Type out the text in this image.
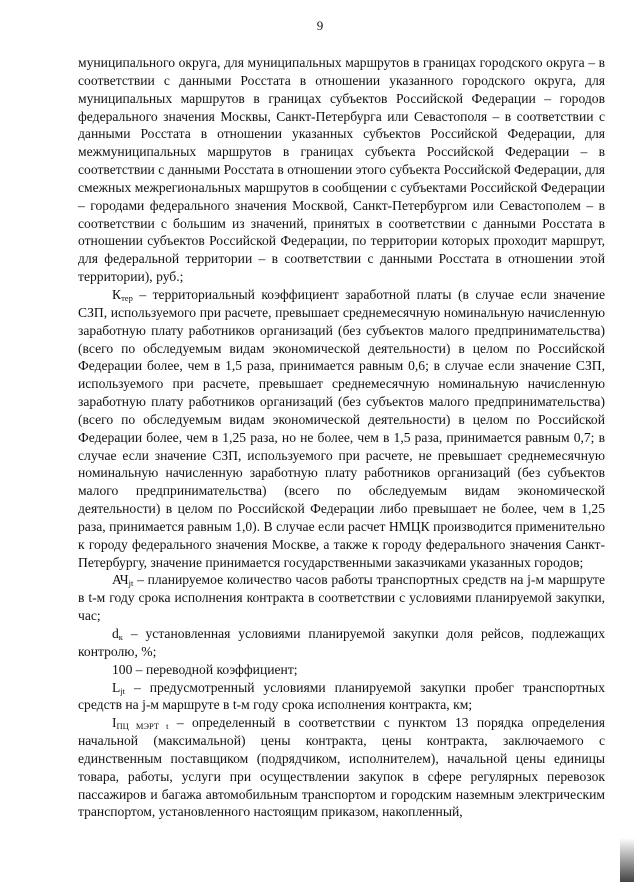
9

муниципального округа, для муниципальных маршрутов в границах городского округа – в соответствии с данными Росстата в отношении указанного городского округа, для муниципальных маршрутов в границах субъектов Российской Федерации – городов федерального значения Москвы, Санкт-Петербурга или Севастополя – в соответствии с данными Росстата в отношении указанных субъектов Российской Федерации, для межмуниципальных маршрутов в границах субъекта Российской Федерации – в соответствии с данными Росстата в отношении этого субъекта Российской Федерации, для смежных межрегиональных маршрутов в сообщении с субъектами Российской Федерации – городами федерального значения Москвой, Санкт-Петербургом или Севастополем – в соответствии с большим из значений, принятых в соответствии с данными Росстата в отношении субъектов Российской Федерации, по территории которых проходит маршрут, для федеральной территории – в соответствии с данными Росстата в отношении этой территории), руб.;

$К_{тер}$ – территориальный коэффициент заработной платы (в случае если значение СЗП, используемого при расчете, превышает среднемесячную номинальную начисленную заработную плату работников организаций (без субъектов малого предпринимательства) (всего по обследуемым видам экономической деятельности) в целом по Российской Федерации более, чем в 1,5 раза, принимается равным 0,6; в случае если значение СЗП, используемого при расчете, превышает среднемесячную номинальную начисленную заработную плату работников организаций (без субъектов малого предпринимательства) (всего по обследуемым видам экономической деятельности) в целом по Российской Федерации более, чем в 1,25 раза, но не более, чем в 1,5 раза, принимается равным 0,7; в случае если значение СЗП, используемого при расчете, не превышает среднемесячную номинальную начисленную заработную плату работников организаций (без субъектов малого предпринимательства) (всего по обследуемым видам экономической деятельности) в целом по Российской Федерации либо превышает не более, чем в 1,25 раза, принимается равным 1,0). В случае если расчет НМЦК производится применительно к городу федерального значения Москве, а также к городу федерального значения Санкт-Петербургу, значение принимается государственными заказчиками указанных городов;

$АЧ_{jt}$ – планируемое количество часов работы транспортных средств на j-м маршруте в t-м году срока исполнения контракта в соответствии с условиями планируемой закупки, час;

$d_к$ – установленная условиями планируемой закупки доля рейсов, подлежащих контролю, %;

100 – переводной коэффициент;

$L_{jt}$ – предусмотренный условиями планируемой закупки пробег транспортных средств на j-м маршруте в t-м году срока исполнения контракта, км;

$I_{ПЦ МЭРТ t}$ – определенный в соответствии с пунктом 13 порядка определения начальной (максимальной) цены контракта, цены контракта, заключаемого с единственным поставщиком (подрядчиком, исполнителем), начальной цены единицы товара, работы, услуги при осуществлении закупок в сфере регулярных перевозок пассажиров и багажа автомобильным транспортом и городским наземным электрическим транспортом, установленного настоящим приказом, накопленный,
